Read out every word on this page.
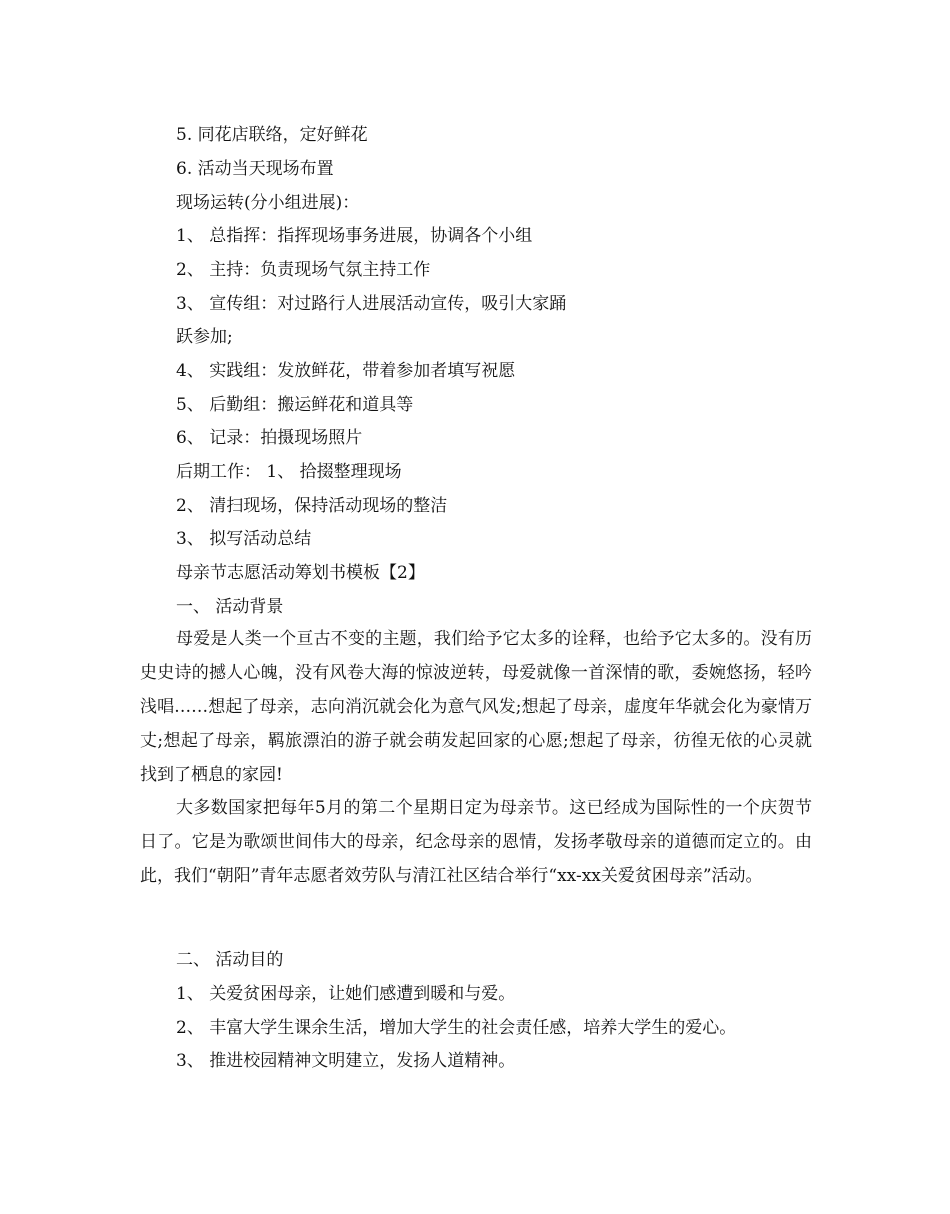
5. 同花店联络，定好鲜花
6. 活动当天现场布置
现场运转(分小组进展)：
1、 总指挥：指挥现场事务进展，协调各个小组
2、 主持：负责现场气氛主持工作
3、 宣传组：对过路行人进展活动宣传，吸引大家踊
跃参加;
4、 实践组：发放鲜花，带着参加者填写祝愿
5、 后勤组：搬运鲜花和道具等
6、 记录：拍摄现场照片
后期工作： 1、 拾掇整理现场
2、 清扫现场，保持活动现场的整洁
3、 拟写活动总结
母亲节志愿活动筹划书模板【2】
一、 活动背景

母爱是人类一个亘古不变的主题，我们给予它太多的诠释，也给予它太多的。没有历史史诗的撼人心魄，没有风卷大海的惊波逆转，母爱就像一首深情的歌，委婉悠扬，轻吟浅唱……想起了母亲，志向消沉就会化为意气风发;想起了母亲，虚度年华就会化为豪情万丈;想起了母亲，羁旅漂泊的游子就会萌发起回家的心愿;想起了母亲，彷徨无依的心灵就找到了栖息的家园!

大多数国家把每年5月的第二个星期日定为母亲节。这已经成为国际性的一个庆贺节日了。它是为歌颂世间伟大的母亲，纪念母亲的恩情，发扬孝敬母亲的道德而定立的。由此，我们“朝阳”青年志愿者效劳队与清江社区结合举行“xx-xx关爱贫困母亲”活动。

二、 活动目的
1、 关爱贫困母亲，让她们感遭到暖和与爱。
2、 丰富大学生课余生活，增加大学生的社会责任感，培养大学生的爱心。
3、 推进校园精神文明建立，发扬人道精神。
